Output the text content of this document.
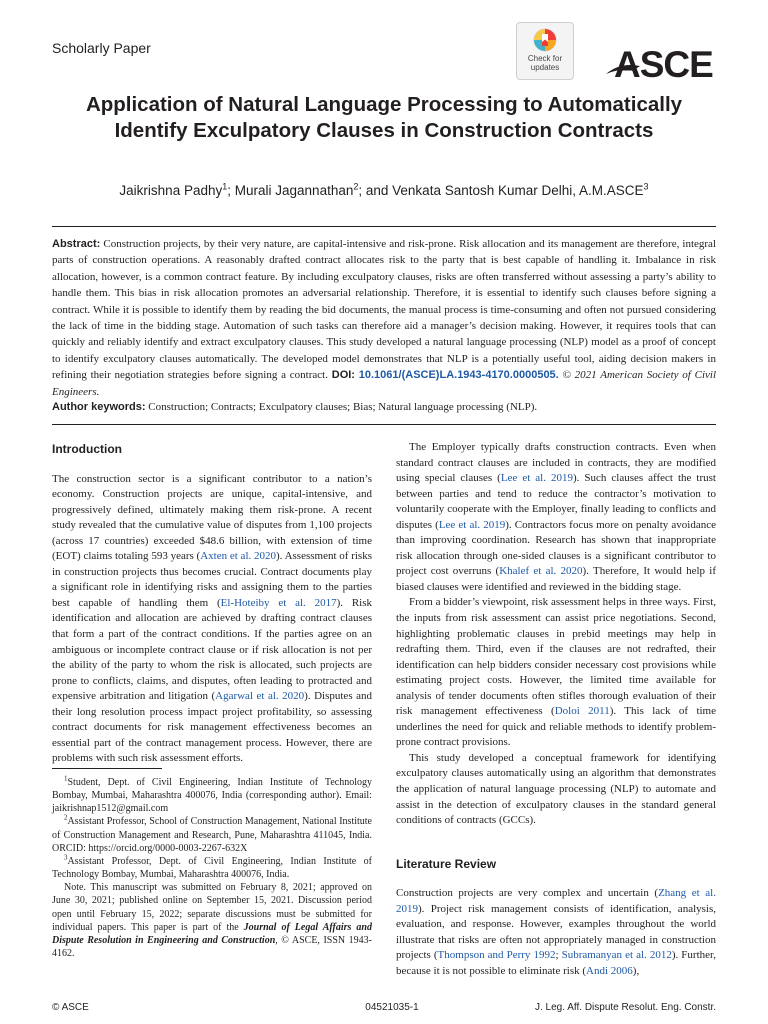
Scholarly Paper
Check for
updates	ASCE
Application of Natural Language Processing to Automatically Identify Exculpatory Clauses in Construction Contracts
Jaikrishna Padhy$^1$; Murali Jagannathan$^2$; and Venkata Santosh Kumar Delhi, A.M.ASCE$^3$
Abstract: Construction projects, by their very nature, are capital-intensive and risk-prone. Risk allocation and its management are therefore, integral parts of construction operations. A reasonably drafted contract allocates risk to the party that is best capable of handling it. Imbalance in risk allocation, however, is a common contract feature. By including exculpatory clauses, risks are often transferred without assessing a party’s ability to handle them. This bias in risk allocation promotes an adversarial relationship. Therefore, it is essential to identify such clauses before signing a contract. While it is possible to identify them by reading the bid documents, the manual process is time-consuming and often not pursued considering the lack of time in the bidding stage. Automation of such tasks can therefore aid a manager’s decision making. However, it requires tools that can quickly and reliably identify and extract exculpatory clauses. This study developed a natural language processing (NLP) model as a proof of concept to identify exculpatory clauses automatically. The developed model demonstrates that NLP is a potentially useful tool, aiding decision makers in refining their negotiation strategies before signing a contract. DOI: 10.1061/(ASCE)LA.1943-4170.0000505. © 2021 American Society of Civil Engineers.
Author keywords: Construction; Contracts; Exculpatory clauses; Bias; Natural language processing (NLP).
Introduction

The construction sector is a significant contributor to a nation’s economy. Construction projects are unique, capital-intensive, and progressively defined, ultimately making them risk-prone. A recent study revealed that the cumulative value of disputes from 1,100 projects (across 17 countries) exceeded $48.6 billion, with extension of time (EOT) claims totaling 593 years (Axten et al. 2020). Assessment of risks in construction projects thus becomes crucial. Contract documents play a significant role in identifying risks and assigning them to the parties best capable of handling them (El-Hoteiby et al. 2017). Risk identification and allocation are achieved by drafting contract clauses that form a part of the contract conditions. If the parties agree on an ambiguous or incomplete contract clause or if risk allocation is not per the ability of the party to whom the risk is allocated, such projects are prone to conflicts, claims, and disputes, often leading to protracted and expensive arbitration and litigation (Agarwal et al. 2020). Disputes and their long resolution process impact project profitability, so assessing contract documents for risk management effectiveness becomes an essential part of the contract management process. However, there are problems with such risk assessment efforts.

$^1$Student, Dept. of Civil Engineering, Indian Institute of Technology Bombay, Mumbai, Maharashtra 400076, India (corresponding author). Email: jaikrishnap1512@gmail.com

$^2$Assistant Professor, School of Construction Management, National Institute of Construction Management and Research, Pune, Maharashtra 411045, India. ORCID: https://orcid.org/0000-0003-2267-632X

$^3$Assistant Professor, Dept. of Civil Engineering, Indian Institute of Technology Bombay, Mumbai, Maharashtra 400076, India.

Note. This manuscript was submitted on February 8, 2021; approved on June 30, 2021; published online on September 15, 2021. Discussion period open until February 15, 2022; separate discussions must be submitted for individual papers. This paper is part of the Journal of Legal Affairs and Dispute Resolution in Engineering and Construction, © ASCE, ISSN 1943-4162.

The Employer typically drafts construction contracts. Even when standard contract clauses are included in contracts, they are modified using special clauses (Lee et al. 2019). Such clauses affect the trust between parties and tend to reduce the contractor’s motivation to voluntarily cooperate with the Employer, finally leading to conflicts and disputes (Lee et al. 2019). Contractors focus more on penalty avoidance than improving coordination. Research has shown that inappropriate risk allocation through one-sided clauses is a significant contributor to project cost overruns (Khalef et al. 2020). Therefore, It would help if biased clauses were identified and reviewed in the bidding stage.

From a bidder’s viewpoint, risk assessment helps in three ways. First, the inputs from risk assessment can assist price negotiations. Second, highlighting problematic clauses in prebid meetings may help in redrafting them. Third, even if the clauses are not redrafted, their identification can help bidders consider necessary cost provisions while estimating project costs. However, the limited time available for analysis of tender documents often stifles thorough evaluation of their risk management effectiveness (Doloi 2011). This lack of time underlines the need for quick and reliable methods to identify problem-prone contract provisions.

This study developed a conceptual framework for identifying exculpatory clauses automatically using an algorithm that demonstrates the application of natural language processing (NLP) to automate and assist in the detection of exculpatory clauses in the standard general conditions of contracts (GCCs).

Literature Review

Construction projects are very complex and uncertain (Zhang et al. 2019). Project risk management consists of identification, analysis, evaluation, and response. However, examples throughout the world illustrate that risks are often not appropriately managed in construction projects (Thompson and Perry 1992; Subramanyan et al. 2012). Further, because it is not possible to eliminate risk (Andi 2006),

© ASCE	04521035-1	J. Leg. Aff. Dispute Resolut. Eng. Constr.
